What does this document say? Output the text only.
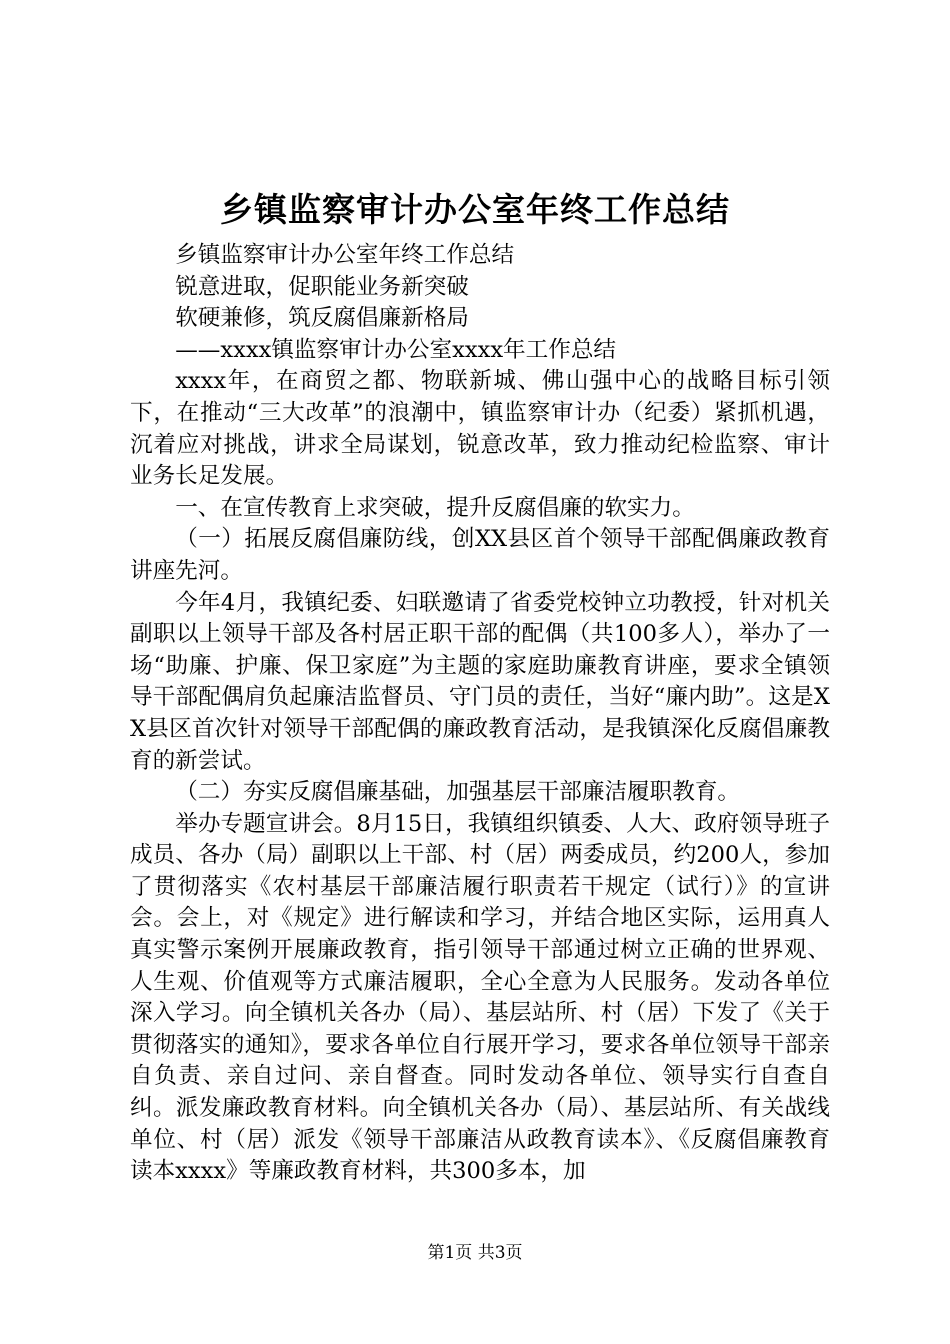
乡镇监察审计办公室年终工作总结

乡镇监察审计办公室年终工作总结

锐意进取，促职能业务新突破

软硬兼修，筑反腐倡廉新格局

——xxxx镇监察审计办公室xxxx年工作总结

xxxx年，在商贸之都、物联新城、佛山强中心的战略目标引领下，在推动“三大改革”的浪潮中，镇监察审计办（纪委）紧抓机遇，沉着应对挑战，讲求全局谋划，锐意改革，致力推动纪检监察、审计业务长足发展。

一、在宣传教育上求突破，提升反腐倡廉的软实力。

（一）拓展反腐倡廉防线，创XX县区首个领导干部配偶廉政教育讲座先河。

今年4月，我镇纪委、妇联邀请了省委党校钟立功教授，针对机关副职以上领导干部及各村居正职干部的配偶（共100多人），举办了一场“助廉、护廉、保卫家庭”为主题的家庭助廉教育讲座，要求全镇领导干部配偶肩负起廉洁监督员、守门员的责任，当好“廉内助”。这是XX县区首次针对领导干部配偶的廉政教育活动，是我镇深化反腐倡廉教育的新尝试。

（二）夯实反腐倡廉基础，加强基层干部廉洁履职教育。

举办专题宣讲会。8月15日，我镇组织镇委、人大、政府领导班子成员、各办（局）副职以上干部、村（居）两委成员，约200人，参加了贯彻落实《农村基层干部廉洁履行职责若干规定（试行）》的宣讲会。会上，对《规定》进行解读和学习，并结合地区实际，运用真人真实警示案例开展廉政教育，指引领导干部通过树立正确的世界观、人生观、价值观等方式廉洁履职，全心全意为人民服务。发动各单位深入学习。向全镇机关各办（局）、基层站所、村（居）下发了《关于贯彻落实的通知》，要求各单位自行展开学习，要求各单位领导干部亲自负责、亲自过问、亲自督查。同时发动各单位、领导实行自查自纠。派发廉政教育材料。向全镇机关各办（局）、基层站所、有关战线单位、村（居）派发《领导干部廉洁从政教育读本》、《反腐倡廉教育读本xxxx》等廉政教育材料，共300多本，加

第1页 共3页
